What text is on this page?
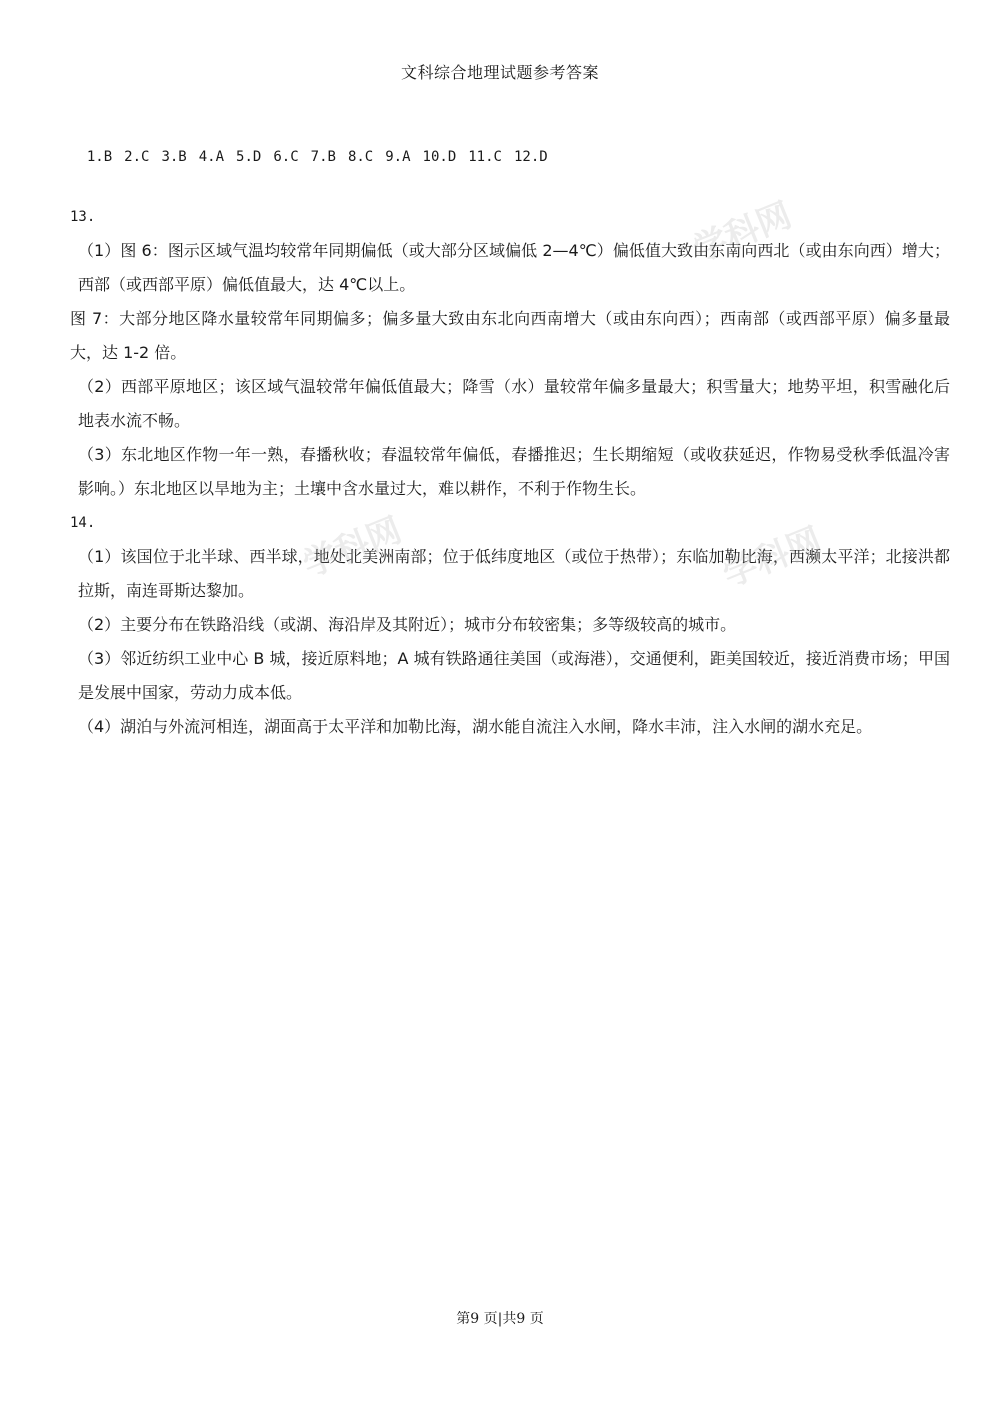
文科综合地理试题参考答案

1.B 2.C 3.B 4.A 5.D 6.C 7.B 8.C 9.A 10.D 11.C 12.D

13.
（1）图 6：图示区域气温均较常年同期偏低（或大部分区域偏低 2—4℃）偏低值大致由东南向西北（或由东向西）增大；西部（或西部平原）偏低值最大，达 4℃以上。
图 7：大部分地区降水量较常年同期偏多；偏多量大致由东北向西南增大（或由东向西）；西南部（或西部平原）偏多量最大，达 1-2 倍。
（2）西部平原地区；该区域气温较常年偏低值最大；降雪（水）量较常年偏多量最大；积雪量大；地势平坦，积雪融化后地表水流不畅。
（3）东北地区作物一年一熟，春播秋收；春温较常年偏低，春播推迟；生长期缩短（或收获延迟，作物易受秋季低温冷害影响。）东北地区以旱地为主；土壤中含水量过大，难以耕作，不利于作物生长。
14.
（1）该国位于北半球、西半球，地处北美洲南部；位于低纬度地区（或位于热带）；东临加勒比海，西濒太平洋；北接洪都拉斯，南连哥斯达黎加。
（2）主要分布在铁路沿线（或湖、海沿岸及其附近）；城市分布较密集；多等级较高的城市。
（3）邻近纺织工业中心 B 城，接近原料地；A 城有铁路通往美国（或海港），交通便利，距美国较近，接近消费市场；甲国是发展中国家，劳动力成本低。
（4）湖泊与外流河相连，湖面高于太平洋和加勒比海，湖水能自流注入水闸，降水丰沛，注入水闸的湖水充足。
学科网
学科网	学科网
第9 页|共9 页
